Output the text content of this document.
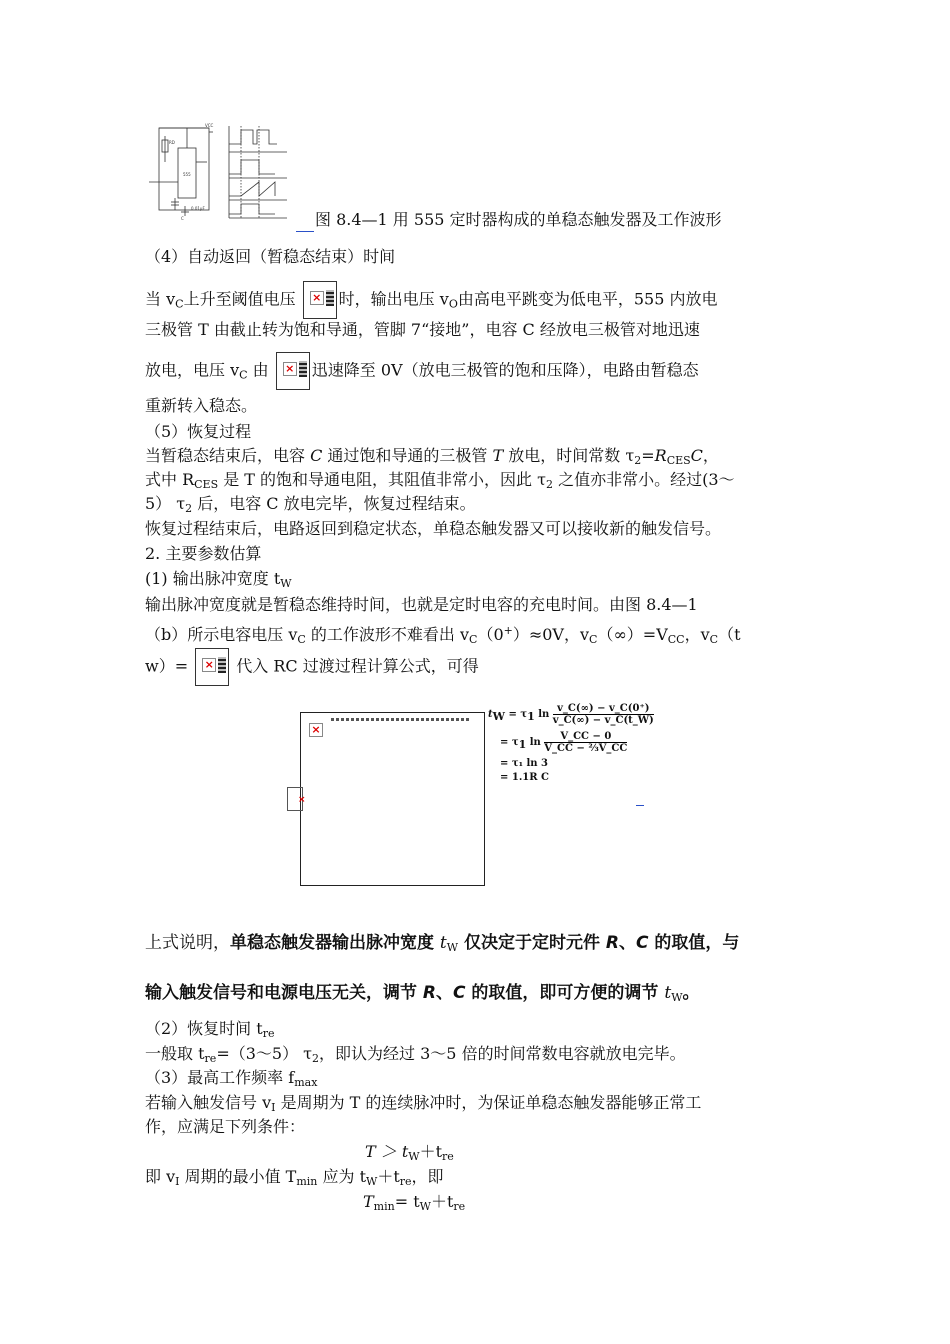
VCC
RD
555
0.01μF
C	图 8.4—1 用 555 定时器构成的单稳态触发器及工作波形
（4）自动返回（暂稳态结束）时间
当 $v_C$上升至阈值电压 × 时，输出电压 $v_O$由高电平跳变为低电平，555 内放电
三极管 T 由截止转为饱和导通，管脚 7“接地”，电容 C 经放电三极管对地迅速
放电，电压 $v_C$ 由 × 迅速降至 0V（放电三极管的饱和压降），电路由暂稳态
重新转入稳态。
（5）恢复过程
当暂稳态结束后，电容 C 通过饱和导通的三极管 T 放电，时间常数 $\tau_2=R_{CES}C$，
式中 $R_{CES}$ 是 T 的饱和导通电阻，其阻值非常小，因此 $\tau_2$ 之值亦非常小。经过(3～
5） $\tau_2$ 后，电容 C 放电完毕，恢复过程结束。
恢复过程结束后，电路返回到稳定状态，单稳态触发器又可以接收新的触发信号。
2. 主要参数估算
(1) 输出脉冲宽度 $t_W$
输出脉冲宽度就是暂稳态维持时间，也就是定时电容的充电时间。由图 8.4—1
（b）所示电容电压 $v_C$ 的工作波形不难看出 $v_C(0^+)\approx 0V$，$v_C(\infty)=V_{CC}$，$v_C(t$
w）= × 代入 RC 过渡过程计算公式，可得
×
×
tW = τ1 $\ln \frac{v\_C(\infty) - v\_C(0^+)}{v\_C(\infty) - v\_C(t\_W)}$
= τ1 $\ln \frac{V\_CC - 0}{\text{V\_CC − ⅔V\_CC}}$
= τ₁ ln 3
= 1.1R C
上式说明，单稳态触发器输出脉冲宽度 $t_W$ 仅决定于定时元件 R、C 的取值，与
输入触发信号和电源电压无关，调节 R、C 的取值，即可方便的调节 $t_W$。
（2）恢复时间 $t_{re}$
一般取 $t_{re}=(3\sim 5)$ $\tau_2$，即认为经过 3～5 倍的时间常数电容就放电完毕。
（3）最高工作频率 $f_{max}$
若输入触发信号 $v_I$ 是周期为 T 的连续脉冲时，为保证单稳态触发器能够正常工
作，应满足下列条件：
$T > t_W+t_{re}$
即 $v_I$ 周期的最小值 $T_{min}$ 应为 $t_W+t_{re}$，即
$T_{min}= t_W+t_{re}$
